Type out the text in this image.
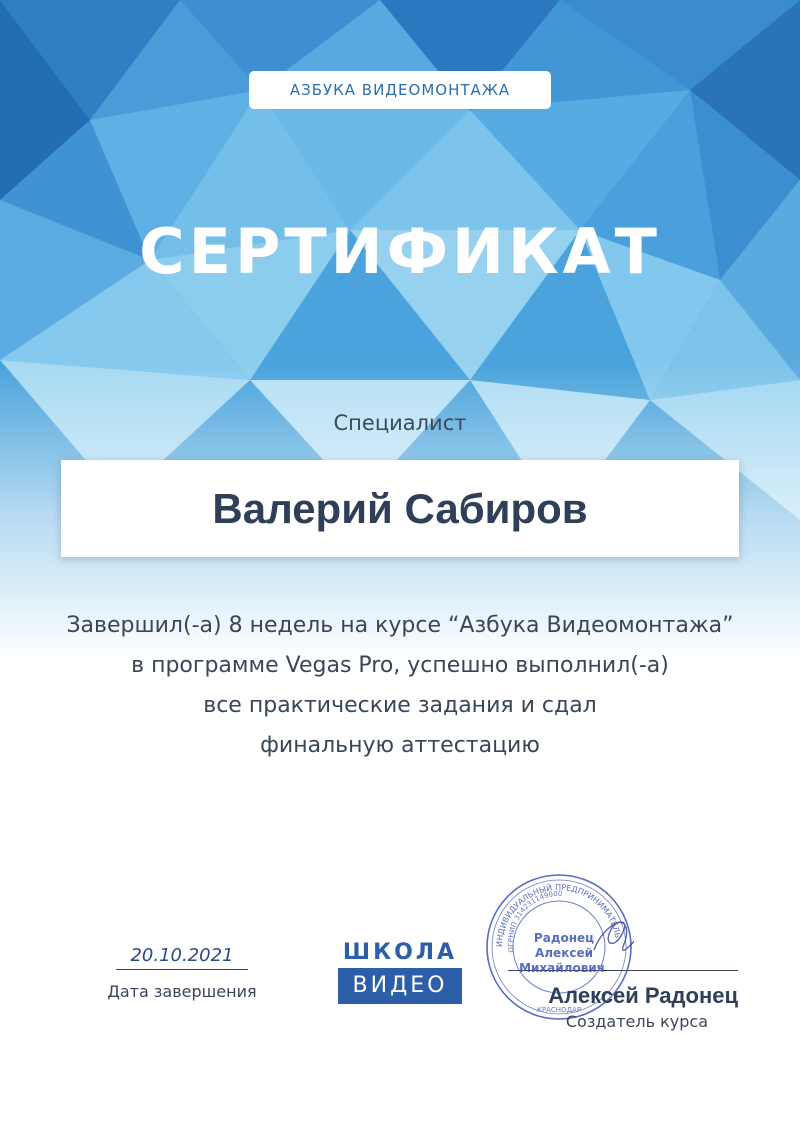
АЗБУКА ВИДЕОМОНТАЖА
СЕРТИФИКАТ
Специалист
Валерий Сабиров
Завершил(-а) 8 недель на курсе “Азбука Видеомонтажа”
в программе Vegas Pro, успешно выполнил(-а)
все практические задания и сдал
финальную аттестацию
20.10.2021
Дата завершения
ШКОЛА
ВИДЕО
ИНДИВИДУАЛЬНЫЙ ПРЕДПРИНИМАТЕЛЬ
ОГРНИП 314231149000
КРАСНОДАР
Радонец
Алексей
Михайлович
Алексей Радонец
Создатель курса
